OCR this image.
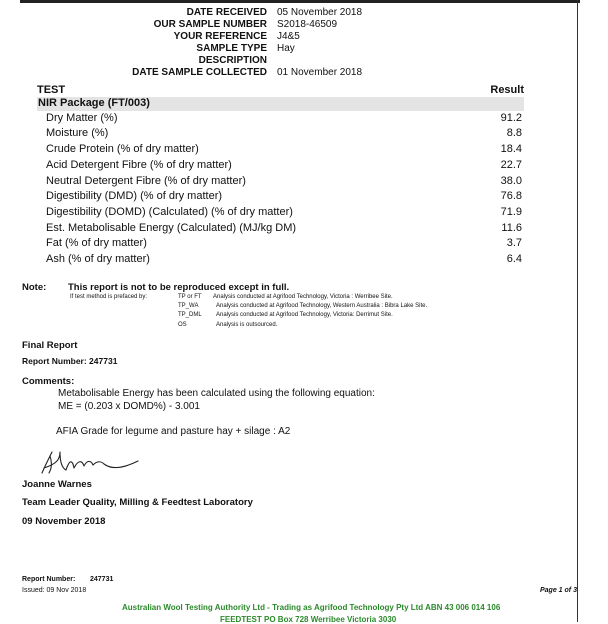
DATE RECEIVED 05 November 2018
OUR SAMPLE NUMBER S2018-46509
YOUR REFERENCE J4&5
SAMPLE TYPE Hay
DESCRIPTION
DATE SAMPLE COLLECTED 01 November 2018
TEST	Result
NIR Package (FT/003)
Dry Matter (%)	91.2
Moisture (%)	8.8
Crude Protein (% of dry matter)	18.4
Acid Detergent Fibre (% of dry matter)	22.7
Neutral Detergent Fibre (% of dry matter)	38.0
Digestibility (DMD) (% of dry matter)	76.8
Digestibility (DOMD) (Calculated) (% of dry matter)	71.9
Est. Metabolisable Energy (Calculated) (MJ/kg DM)	11.6
Fat (% of dry matter)	3.7
Ash (% of dry matter)	6.4
Note: This report is not to be reproduced except in full.
If test method is prefaced by:	TP or FT Analysis conducted at Agrifood Technology, Victoria : Werribee Site.
TP_WA	Analysis conducted at Agrifood Technology, Western Australia : Bibra Lake Site.
TP_DML Analysis conducted at Agrifood Technology, Victoria: Derrimut Site.
OS	Analysis is outsourced.
Final Report
Report Number: 247731
Comments:
Metabolisable Energy has been calculated using the following equation:
ME = (0.203 x DOMD%) - 3.001
AFIA Grade for legume and pasture hay + silage : A2
Joanne Warnes
Team Leader Quality, Milling & Feedtest Laboratory
09 November 2018
Report Number: 247731
Issued: 09 Nov 2018	Page 1 of 3
Australian Wool Testing Authority Ltd - Trading as Agrifood Technology Pty Ltd ABN 43 006 014 106
FEEDTEST PO Box 728 Werribee Victoria 3030
